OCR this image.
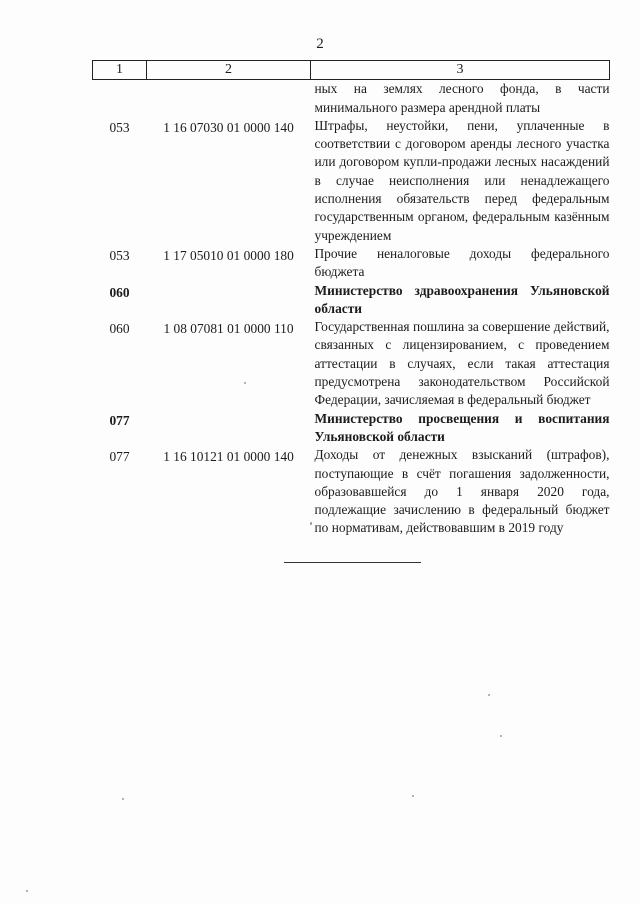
2
1	2	3
		ных на землях лесного фонда, в части минимального размера арендной платы
053	1 16 07030 01 0000 140	Штрафы, неустойки, пени, уплаченные в соответствии с договором аренды лесного участка или договором купли-продажи лесных насаждений в случае неисполнения или ненадлежащего исполнения обязательств перед федеральным государственным органом, федеральным казённым учреждением
053	1 17 05010 01 0000 180	Прочие неналоговые доходы федерального бюджета
060		Министерство здравоохранения Ульяновской области
060	1 08 07081 01 0000 110	Государственная пошлина за совершение действий, связанных с лицензированием, с проведением аттестации в случаях, если такая аттестация предусмотрена законодательством Российской Федерации, зачисляемая в федеральный бюджет
077		Министерство просвещения и воспитания Ульяновской области
077	1 16 10121 01 0000 140	Доходы от денежных взысканий (штрафов), поступающие в счёт погашения задолженности, образовавшейся до 1 января 2020 года, подлежащие зачислению в федеральный бюджет по нормативам, действовавшим в 2019 году
